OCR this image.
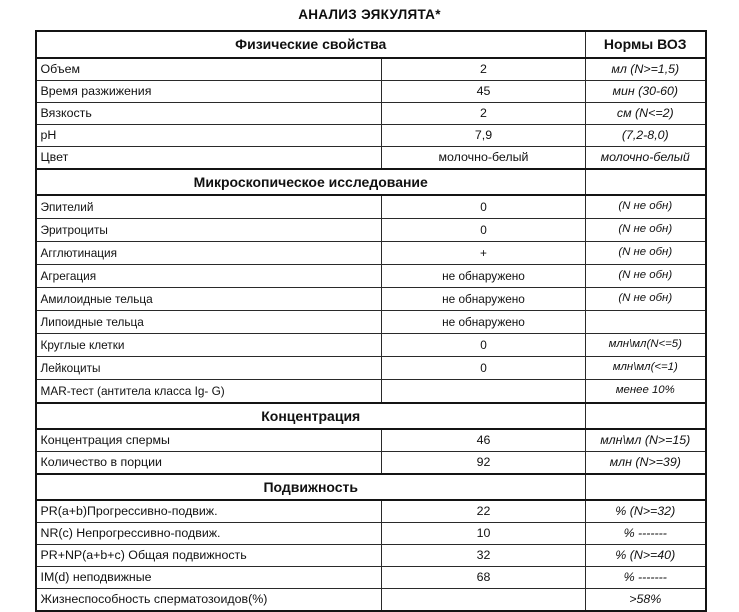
АНАЛИЗ ЭЯКУЛЯТА*
Физические свойства		Нормы ВОЗ
Объем	2	мл (N>=1,5)
Время разжижения	45	мин (30-60)
Вязкость	2	см (N<=2)
pH	7,9	(7,2-8,0)
Цвет	молочно-белый	молочно-белый
Микроскопическое исследование		
Эпителий	0	(N не обн)
Эритроциты	0	(N не обн)
Агглютинация	+	(N не обн)
Агрегация	не обнаружено	(N не обн)
Амилоидные тельца	не обнаружено	(N не обн)
Липоидные тельца	не обнаружено	
Круглые клетки	0	млн\мл(N<=5)
Лейкоциты	0	млн\мл(<=1)
MAR-тест (антитела класса Ig- G)		менее 10%
Концентрация		
Концентрация спермы	46	млн\мл (N>=15)
Количество в порции	92	млн (N>=39)
Подвижность		
PR(a+b)Прогрессивно-подвиж.	22	% (N>=32)
NR(c) Непрогрессивно-подвиж.	10	% -------
PR+NP(a+b+c) Общая подвижность	32	% (N>=40)
IM(d) неподвижные	68	% -------
Жизнеспособность сперматозоидов(%)		>58%
